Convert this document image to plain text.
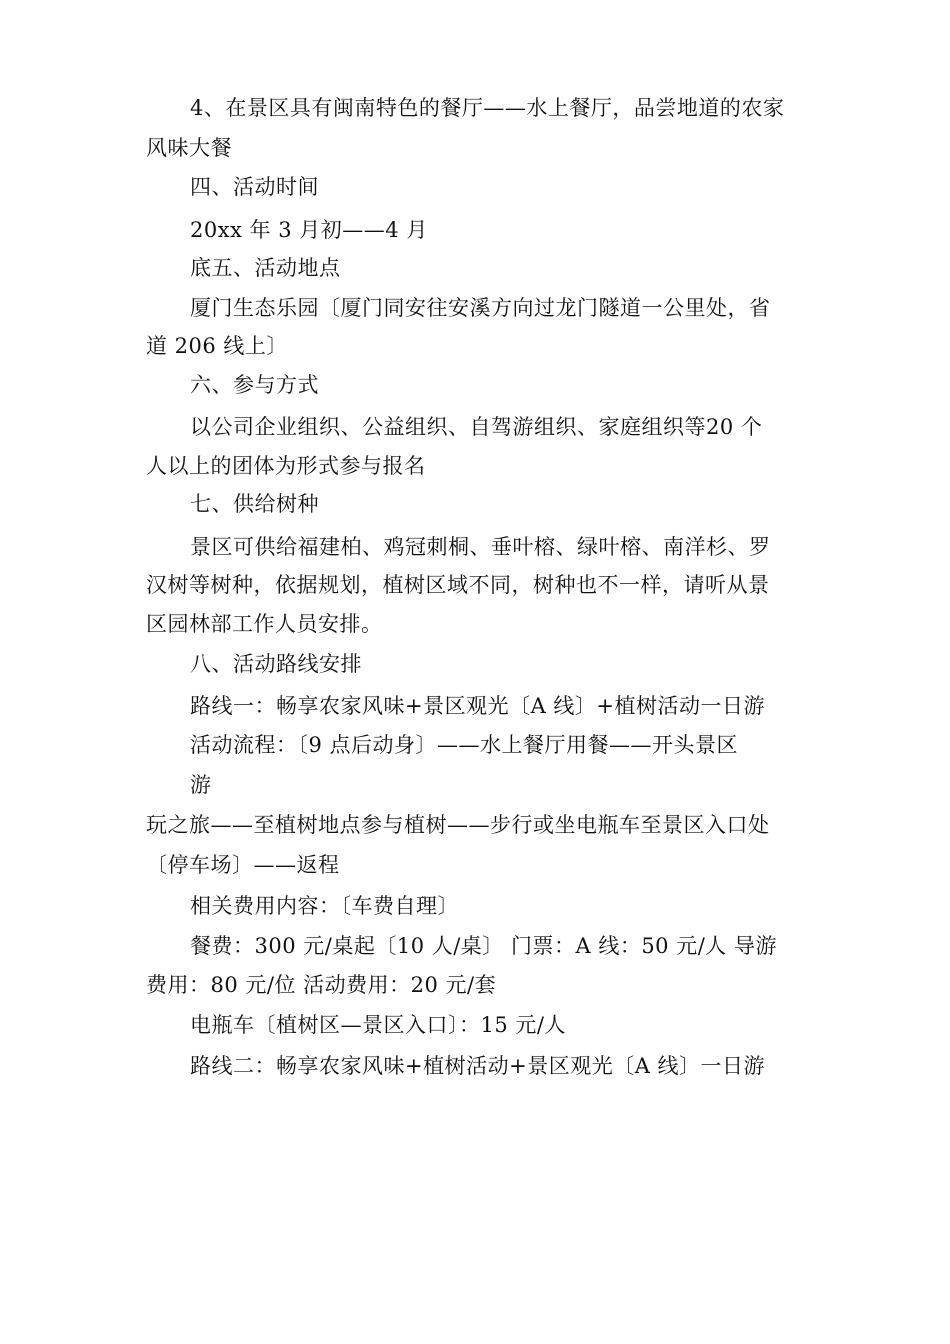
4、在景区具有闽南特色的餐厅——水上餐厅，品尝地道的农家
风味大餐
四、活动时间
20xx 年 3 月初——4 月
底五、活动地点
厦门生态乐园〔厦门同安往安溪方向过龙门隧道一公里处，省
道 206 线上〕
六、参与方式
以公司企业组织、公益组织、自驾游组织、家庭组织等20 个
人以上的团体为形式参与报名
七、供给树种
景区可供给福建柏、鸡冠刺桐、垂叶榕、绿叶榕、南洋杉、罗
汉树等树种，依据规划，植树区域不同，树种也不一样，请听从景
区园林部工作人员安排。
八、活动路线安排
路线一：畅享农家风味+景区观光〔A 线〕+植树活动一日游
活动流程：〔9 点后动身〕——水上餐厅用餐——开头景区
游
玩之旅——至植树地点参与植树——步行或坐电瓶车至景区入口处
〔停车场〕——返程
相关费用内容：〔车费自理〕
餐费：300 元/桌起〔10 人/桌〕 门票：A 线：50 元/人 导游
费用：80 元/位 活动费用：20 元/套
电瓶车〔植树区—景区入口〕：15 元/人
路线二：畅享农家风味+植树活动+景区观光〔A 线〕一日游
